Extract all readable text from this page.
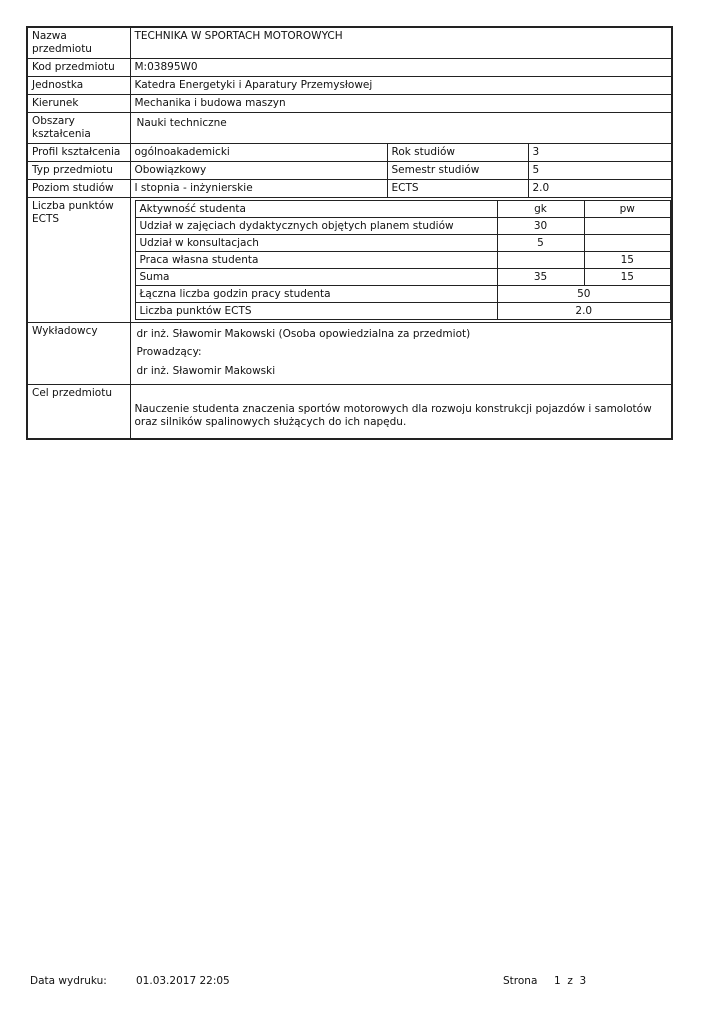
Nazwa przedmiotu	TECHNIKA W SPORTACH MOTOROWYCH
Kod przedmiotu	M:03895W0
Jednostka	Katedra Energetyki i Aparatury Przemysłowej
Kierunek	Mechanika i budowa maszyn
Obszary kształcenia	Nauki techniczne
Profil kształcenia	ogólnoakademicki	Rok studiów	3
Typ przedmiotu	Obowiązkowy	Semestr studiów	5
Poziom studiów	I stopnia - inżynierskie	ECTS	2.0
Liczba punktów ECTS	
Aktywność studenta	gk	pw
Udział w zajęciach dydaktycznych objętych planem studiów	30	
Udział w konsultacjach	5	
Praca własna studenta		15
Suma	35	15
Łączna liczba godzin pracy studenta	50
Liczba punktów ECTS	2.0

Wykładowcy	dr inż. Sławomir Makowski (Osoba opowiedzialna za przedmiot)

Prowadzący:

dr inż. Sławomir Makowski

Cel przedmiotu	Nauczenie studenta znaczenia sportów motorowych dla rozwoju konstrukcji pojazdów i samolotów oraz silników spalinowych służących do ich napędu.
Data wydruku:	01.03.2017 22:05	Strona 1  z  3
